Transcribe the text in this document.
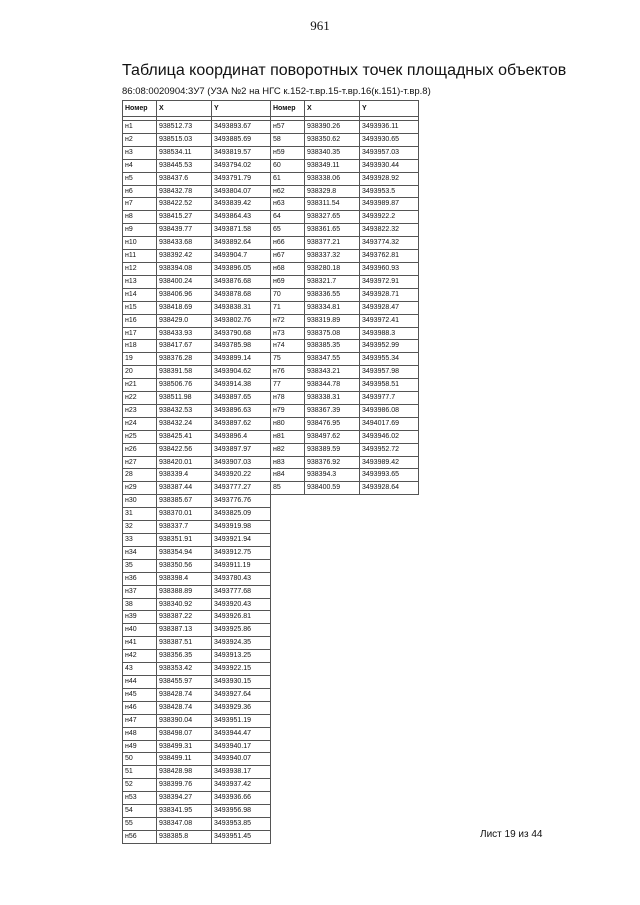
961
Таблица координат поворотных точек площадных объектов
86:08:0020904:3У7 (УЗА №2 на НГС к.152-т.вр.15-т.вр.16(к.151)-т.вр.8)
Номер	X	Y

н1	938512.73	3493893.67
н2	938515.03	3493885.69
н3	938534.11	3493819.57
н4	938445.53	3493794.02
н5	938437.6	3493791.79
н6	938432.78	3493804.07
н7	938422.52	3493839.42
н8	938415.27	3493864.43
н9	938439.77	3493871.58
н10	938433.68	3493892.64
н11	938392.42	3493904.7
н12	938394.08	3493896.05
н13	938400.24	3493876.68
н14	938406.96	3493878.68
н15	938418.69	3493838.31
н16	938429.0	3493802.76
н17	938433.93	3493790.68
н18	938417.67	3493785.98
19	938376.28	3493899.14
20	938391.58	3493904.62
н21	938506.76	3493914.38
н22	938511.98	3493897.65
н23	938432.53	3493896.63
н24	938432.24	3493897.62
н25	938425.41	3493896.4
н26	938422.56	3493897.97
н27	938420.01	3493907.03
28	938339.4	3493920.22
н29	938387.44	3493777.27
н30	938385.67	3493776.76
31	938370.01	3493825.09
32	938337.7	3493919.98
33	938351.91	3493921.94
н34	938354.94	3493912.75
35	938350.56	3493911.19
н36	938398.4	3493780.43
н37	938388.89	3493777.68
38	938340.92	3493920.43
н39	938387.22	3493926.81
н40	938387.13	3493925.86
н41	938387.51	3493924.35
н42	938356.35	3493913.25
43	938353.42	3493922.15
н44	938455.97	3493930.15
н45	938428.74	3493927.64
н46	938428.74	3493929.36
н47	938390.04	3493951.19
н48	938498.07	3493944.47
н49	938499.31	3493940.17
50	938499.11	3493940.07
51	938428.98	3493938.17
52	938399.76	3493937.42
н53	938394.27	3493936.66
54	938341.95	3493956.98
55	938347.08	3493953.85
н56	938385.8	3493951.45
Номер	X	Y

н57	938390.26	3493936.11
58	938350.62	3493930.65
н59	938340.35	3493957.03
60	938349.11	3493930.44
61	938338.06	3493928.92
н62	938329.8	3493953.5
н63	938311.54	3493989.87
64	938327.65	3493922.2
65	938361.65	3493822.32
н66	938377.21	3493774.32
н67	938337.32	3493762.81
н68	938280.18	3493960.93
н69	938321.7	3493972.91
70	938336.55	3493928.71
71	938334.81	3493928.47
н72	938319.89	3493972.41
н73	938375.08	3493988.3
н74	938385.35	3493952.99
75	938347.55	3493955.34
н76	938343.21	3493957.98
77	938344.78	3493958.51
н78	938338.31	3493977.7
н79	938367.39	3493986.08
н80	938476.95	3494017.69
н81	938497.62	3493946.02
н82	938389.59	3493952.72
н83	938376.92	3493989.42
н84	938394.3	3493993.65
85	938400.59	3493928.64
Лист 19 из 44
